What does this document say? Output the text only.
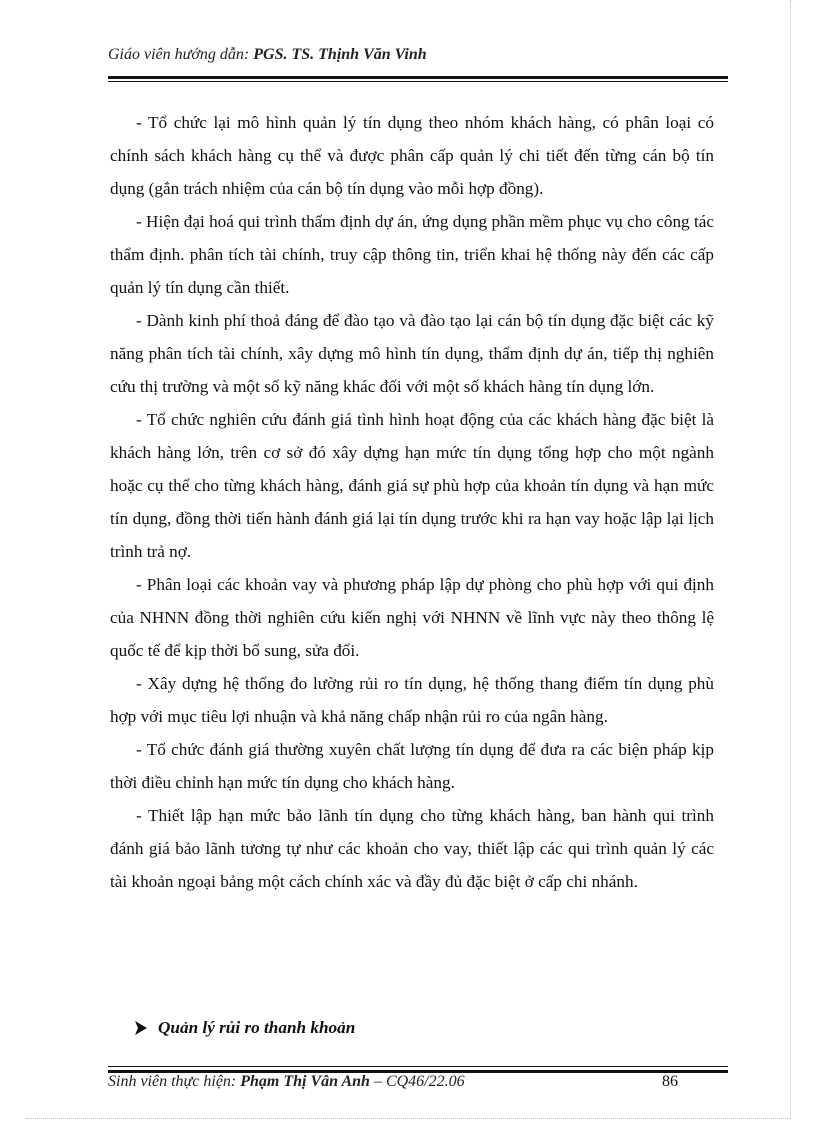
Giáo viên hướng dẫn: PGS. TS. Thịnh Văn Vinh

- Tổ chức lại mô hình quản lý tín dụng theo nhóm khách hàng, có phân loại có chính sách khách hàng cụ thể và được phân cấp quản lý chi tiết đến từng cán bộ tín dụng (gắn trách nhiệm của cán bộ tín dụng vào mỗi hợp đồng).

- Hiện đại hoá qui trình thẩm định dự án, ứng dụng phần mềm phục vụ cho công tác thẩm định. phân tích tài chính, truy cập thông tin, triển khai hệ thống này đến các cấp quản lý tín dụng cần thiết.

- Dành kinh phí thoả đáng để đào tạo và đào tạo lại cán bộ tín dụng đặc biệt các kỹ năng phân tích tài chính, xây dựng mô hình tín dụng, thẩm định dự án, tiếp thị nghiên cứu thị trường và một số kỹ năng khác đối với một số khách hàng tín dụng lớn.

- Tổ chức nghiên cứu đánh giá tình hình hoạt động của các khách hàng đặc biệt là khách hàng lớn, trên cơ sở đó xây dựng hạn mức tín dụng tổng hợp cho một ngành hoặc cụ thể cho từng khách hàng, đánh giá sự phù hợp của khoản tín dụng và hạn mức tín dụng, đồng thời tiến hành đánh giá lại tín dụng trước khi ra hạn vay hoặc lập lại lịch trình trả nợ.

- Phân loại các khoản vay và phương pháp lập dự phòng cho phù hợp với qui định của NHNN đồng thời nghiên cứu kiến nghị với NHNN về lĩnh vực này theo thông lệ quốc tế để kịp thời bổ sung, sửa đổi.

- Xây dựng hệ thống đo lường rủi ro tín dụng, hệ thống thang điểm tín dụng phù hợp với mục tiêu lợi nhuận và khả năng chấp nhận rủi ro của ngân hàng.

- Tổ chức đánh giá thường xuyên chất lượng tín dụng để đưa ra các biện pháp kịp thời điều chỉnh hạn mức tín dụng cho khách hàng.

- Thiết lập hạn mức bảo lãnh tín dụng cho từng khách hàng, ban hành qui trình đánh giá bảo lãnh tương tự như các khoản cho vay, thiết lập các qui trình quản lý các tài khoản ngoại bảng một cách chính xác và đầy đủ đặc biệt ở cấp chi nhánh.

Quản lý rủi ro thanh khoản
Sinh viên thực hiện: Phạm Thị Vân Anh – CQ46/22.06	86
